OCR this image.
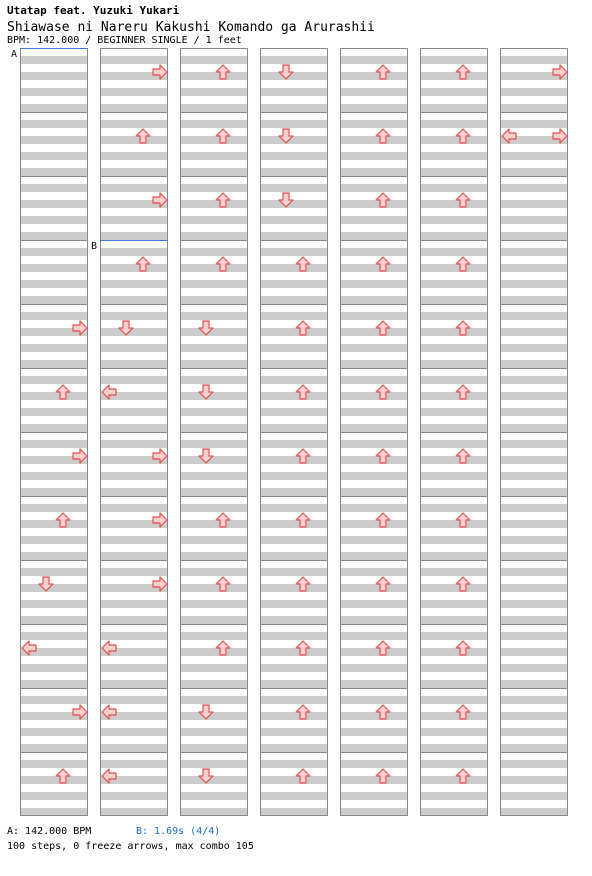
Utatap feat. Yuzuki Yukari
Shiawase ni Nareru Kakushi Komando ga Arurashii
BPM: 142.000 / BEGINNER SINGLE / 1 feet
A
B
A: 142.000 BPM	B: 1.69s (4/4)
100 steps, 0 freeze arrows, max combo 105
